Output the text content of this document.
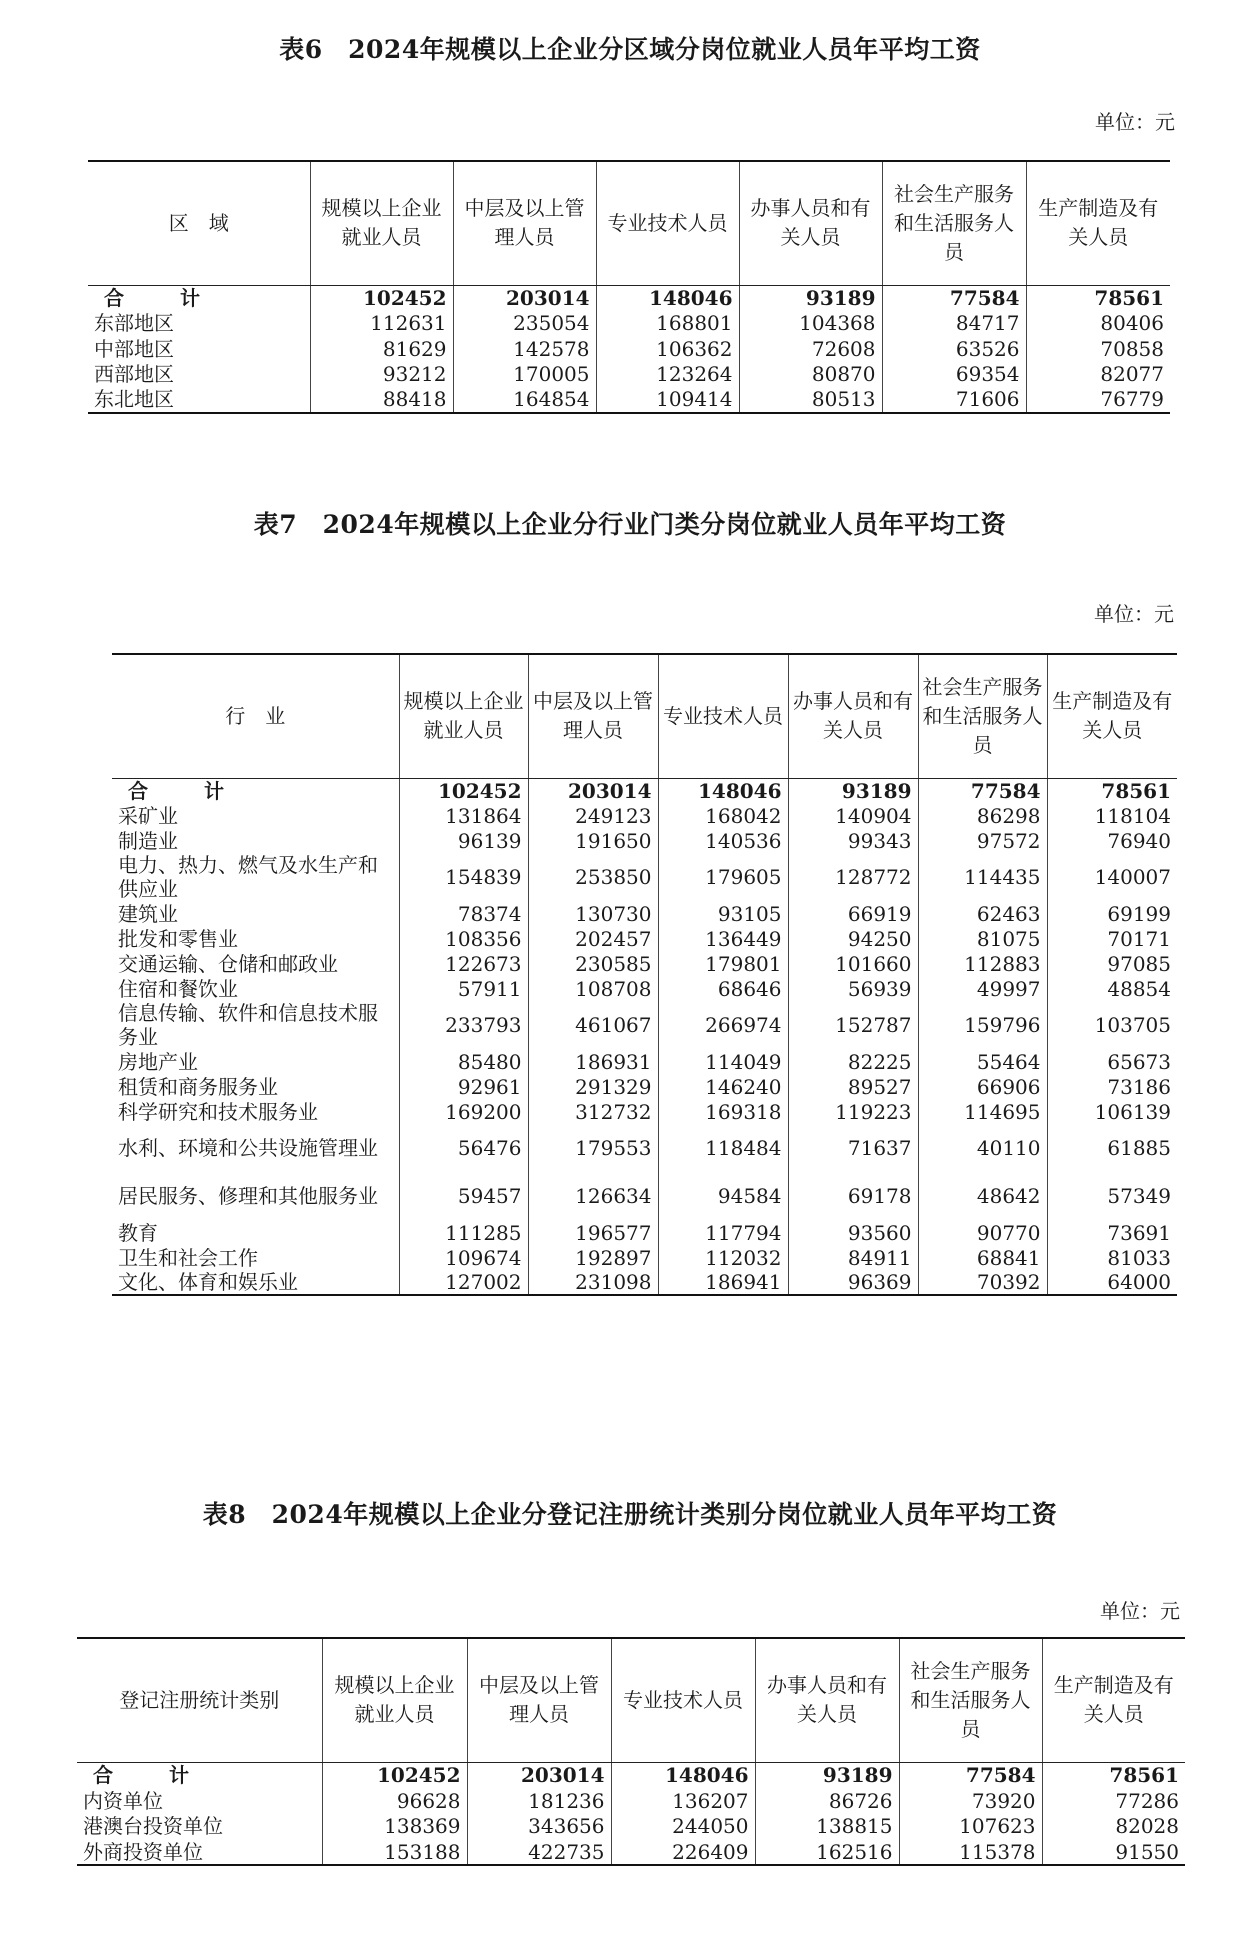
表6　2024年规模以上企业分区域分岗位就业人员年平均工资
单位：元
区　域	规模以上企业就业人员	中层及以上管理人员	专业技术人员	办事人员和有关人员	社会生产服务和生活服务人员	生产制造及有关人员
合　计	102452	203014	148046	93189	77584	78561
东部地区	112631	235054	168801	104368	84717	80406
中部地区	81629	142578	106362	72608	63526	70858
西部地区	93212	170005	123264	80870	69354	82077
东北地区	88418	164854	109414	80513	71606	76779
表7　2024年规模以上企业分行业门类分岗位就业人员年平均工资
单位：元
行　业	规模以上企业就业人员	中层及以上管理人员	专业技术人员	办事人员和有关人员	社会生产服务和生活服务人员	生产制造及有关人员
合　计	102452	203014	148046	93189	77584	78561
采矿业	131864	249123	168042	140904	86298	118104
制造业	96139	191650	140536	99343	97572	76940
电力、热力、燃气及水生产和供应业	154839	253850	179605	128772	114435	140007
建筑业	78374	130730	93105	66919	62463	69199
批发和零售业	108356	202457	136449	94250	81075	70171
交通运输、仓储和邮政业	122673	230585	179801	101660	112883	97085
住宿和餐饮业	57911	108708	68646	56939	49997	48854
信息传输、软件和信息技术服务业	233793	461067	266974	152787	159796	103705
房地产业	85480	186931	114049	82225	55464	65673
租赁和商务服务业	92961	291329	146240	89527	66906	73186
科学研究和技术服务业	169200	312732	169318	119223	114695	106139
水利、环境和公共设施管理业	56476	179553	118484	71637	40110	61885
居民服务、修理和其他服务业	59457	126634	94584	69178	48642	57349
教育	111285	196577	117794	93560	90770	73691
卫生和社会工作	109674	192897	112032	84911	68841	81033
文化、体育和娱乐业	127002	231098	186941	96369	70392	64000
表8　2024年规模以上企业分登记注册统计类别分岗位就业人员年平均工资
单位：元
登记注册统计类别	规模以上企业就业人员	中层及以上管理人员	专业技术人员	办事人员和有关人员	社会生产服务和生活服务人员	生产制造及有关人员
合　计	102452	203014	148046	93189	77584	78561
内资单位	96628	181236	136207	86726	73920	77286
港澳台投资单位	138369	343656	244050	138815	107623	82028
外商投资单位	153188	422735	226409	162516	115378	91550
